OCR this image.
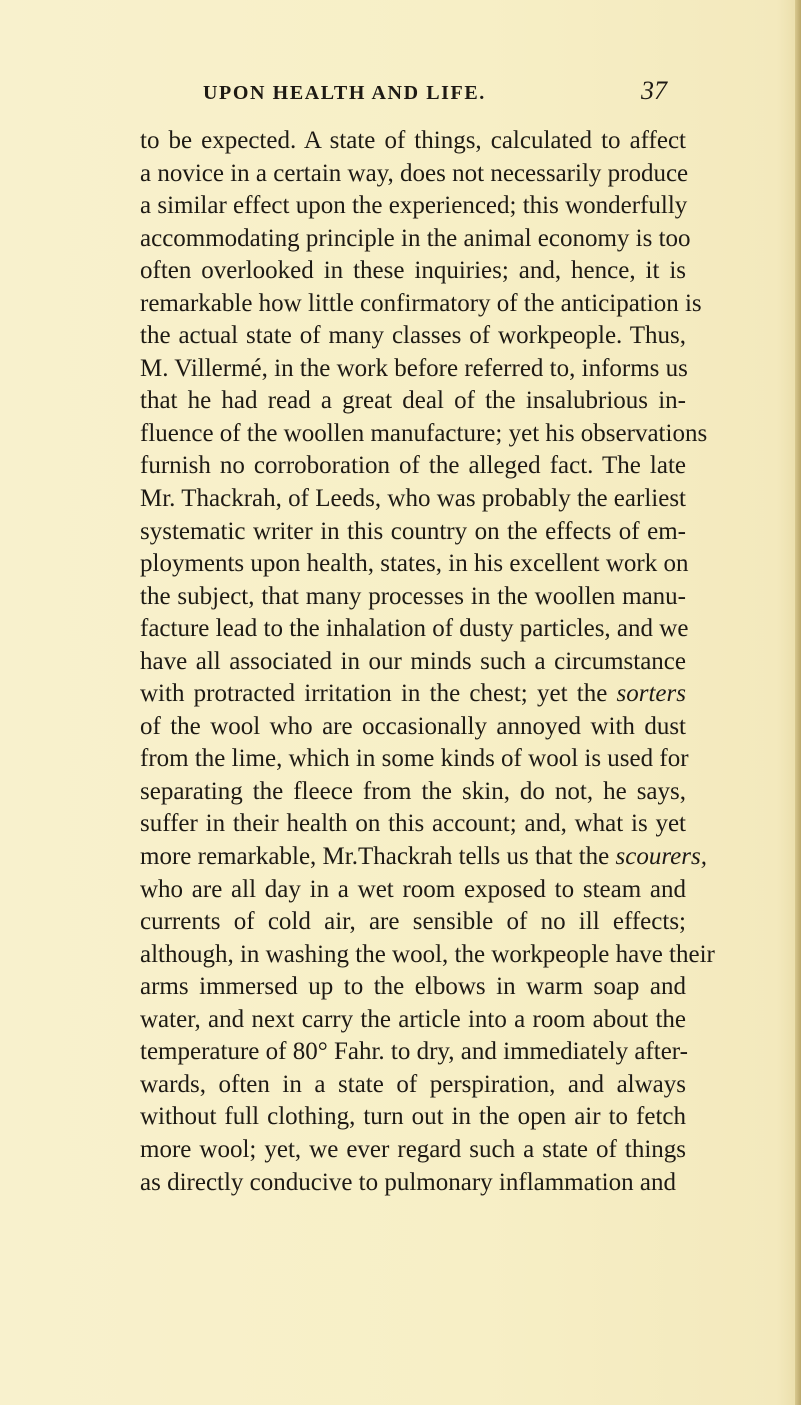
UPON HEALTH AND LIFE.	37
to be expected. A state of things, calculated to affect
a novice in a certain way, does not necessarily produce
a similar effect upon the experienced; this wonderfully
accommodating principle in the animal economy is too
often overlooked in these inquiries; and, hence, it is
remarkable how little confirmatory of the anticipation is
the actual state of many classes of workpeople. Thus,
M. Villermé, in the work before referred to, informs us
that he had read a great deal of the insalubrious in-
fluence of the woollen manufacture; yet his observations
furnish no corroboration of the alleged fact. The late
Mr. Thackrah, of Leeds, who was probably the earliest
systematic writer in this country on the effects of em-
ployments upon health, states, in his excellent work on
the subject, that many processes in the woollen manu-
facture lead to the inhalation of dusty particles, and we
have all associated in our minds such a circumstance
with protracted irritation in the chest; yet the sorters
of the wool who are occasionally annoyed with dust
from the lime, which in some kinds of wool is used for
separating the fleece from the skin, do not, he says,
suffer in their health on this account; and, what is yet
more remarkable, Mr.Thackrah tells us that the scourers,
who are all day in a wet room exposed to steam and
currents of cold air, are sensible of no ill effects;
although, in washing the wool, the workpeople have their
arms immersed up to the elbows in warm soap and
water, and next carry the article into a room about the
temperature of 80° Fahr. to dry, and immediately after-
wards, often in a state of perspiration, and always
without full clothing, turn out in the open air to fetch
more wool; yet, we ever regard such a state of things
as directly conducive to pulmonary inflammation and
